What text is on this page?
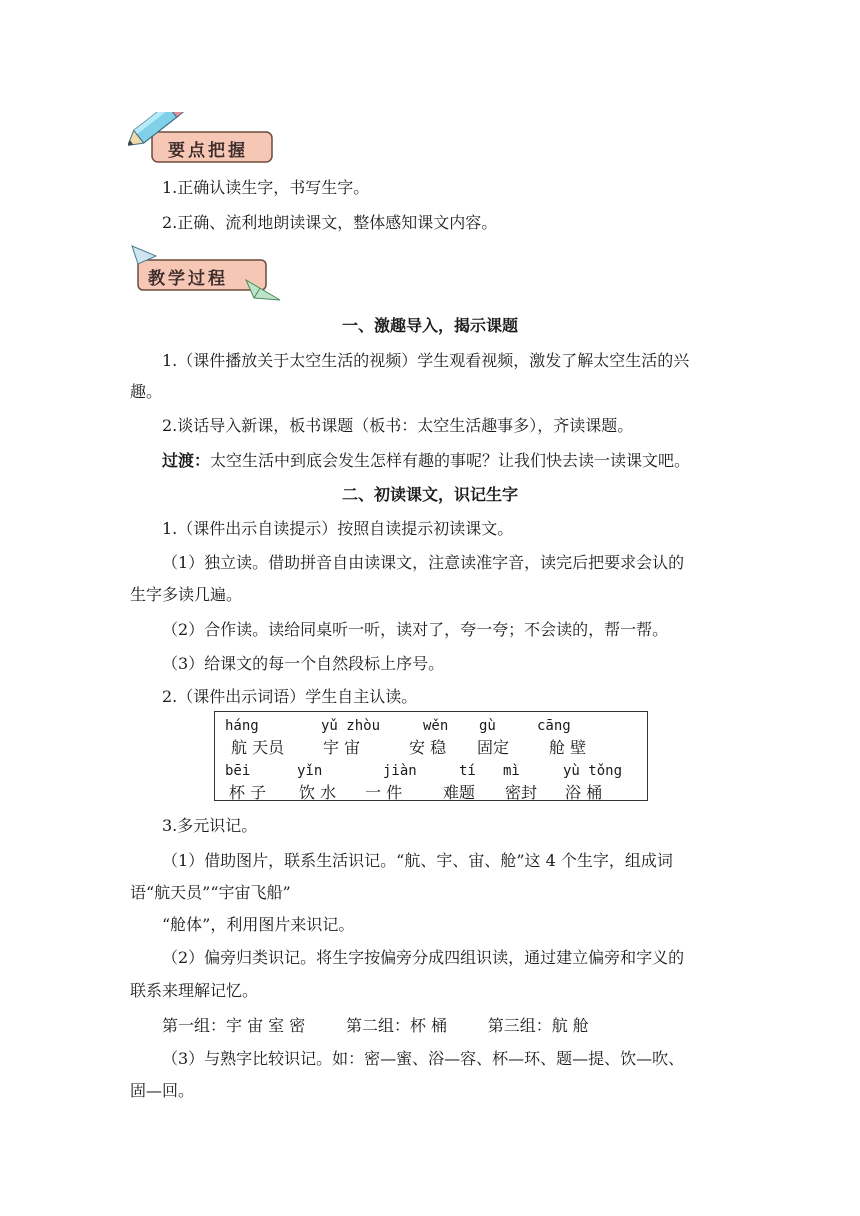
要点把握
1.正确认读生字，书写生字。
2.正确、流利地朗读课文，整体感知课文内容。
教学过程
一、激趣导入，揭示课题
1.（课件播放关于太空生活的视频）学生观看视频，激发了解太空生活的兴
趣。
2.谈话导入新课，板书课题（板书：太空生活趣事多），齐读课题。
过渡：太空生活中到底会发生怎样有趣的事呢？让我们快去读一读课文吧。
二、初读课文，识记生字
1.（课件出示自读提示）按照自读提示初读课文。
（1）独立读。借助拼音自由读课文，注意读准字音，读完后把要求会认的
生字多读几遍。
（2）合作读。读给同桌听一听，读对了，夸一夸；不会读的，帮一帮。
（3）给课文的每一个自然段标上序号。
2.（课件出示词语）学生自主认读。
háng
航 天员
yǔ zhòu
宇 宙
wěn
安 稳
gù
固定
cāng
舱 壁
bēi
杯 子
yǐn
饮 水
jiàn
一 件
tí
难题
mì
密封
yù tǒng
浴 桶
3.多元识记。
（1）借助图片，联系生活识记。“航、宇、宙、舱”这 4 个生字，组成词
语“航天员”“宇宙飞船”
“舱体”，利用图片来识记。
（2）偏旁归类识记。将生字按偏旁分成四组识读，通过建立偏旁和字义的
联系来理解记忆。
第一组：宇 宙 室 密        第二组：杯 桶        第三组：航 舱
（3）与熟字比较识记。如：密—蜜、浴—容、杯—环、题—提、饮—吹、
固—回。
